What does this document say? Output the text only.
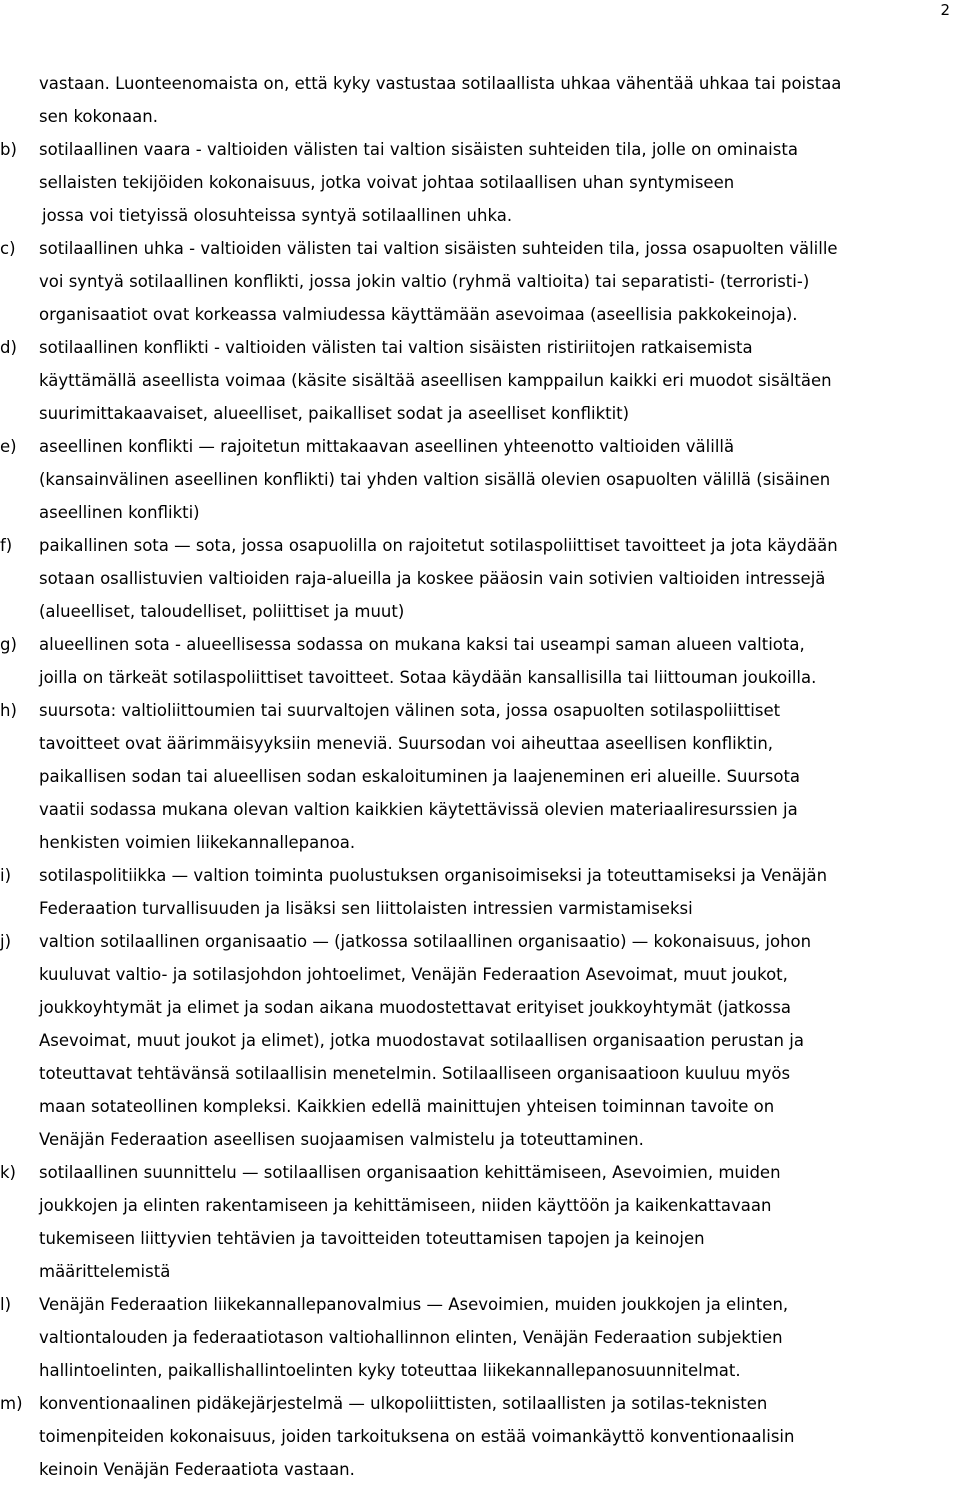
2
vastaan. Luonteenomaista on, että kyky vastustaa sotilaallista uhkaa vähentää uhkaa tai poistaa
sen kokonaan.
b) sotilaallinen vaara - valtioiden välisten tai valtion sisäisten suhteiden tila, jolle on ominaista
sellaisten tekijöiden kokonaisuus, jotka voivat johtaa sotilaallisen uhan syntymiseen
jossa voi tietyissä olosuhteissa syntyä sotilaallinen uhka.
c) sotilaallinen uhka - valtioiden välisten tai valtion sisäisten suhteiden tila, jossa osapuolten välille
voi syntyä sotilaallinen konflikti, jossa jokin valtio (ryhmä valtioita) tai separatisti- (terroristi-)
organisaatiot ovat korkeassa valmiudessa käyttämään asevoimaa (aseellisia pakkokeinoja).
d) sotilaallinen konflikti - valtioiden välisten tai valtion sisäisten ristiriitojen ratkaisemista
käyttämällä aseellista voimaa (käsite sisältää aseellisen kamppailun kaikki eri muodot sisältäen
suurimittakaavaiset, alueelliset, paikalliset sodat ja aseelliset konfliktit)
e) aseellinen konflikti — rajoitetun mittakaavan aseellinen yhteenotto valtioiden välillä
(kansainvälinen aseellinen konflikti) tai yhden valtion sisällä olevien osapuolten välillä (sisäinen
aseellinen konflikti)
f) paikallinen sota — sota, jossa osapuolilla on rajoitetut sotilaspoliittiset tavoitteet ja jota käydään
sotaan osallistuvien valtioiden raja-alueilla ja koskee pääosin vain sotivien valtioiden intressejä
(alueelliset, taloudelliset, poliittiset ja muut)
g) alueellinen sota - alueellisessa sodassa on mukana kaksi tai useampi saman alueen valtiota,
joilla on tärkeät sotilaspoliittiset tavoitteet. Sotaa käydään kansallisilla tai liittouman joukoilla.
h) suursota: valtioliittoumien tai suurvaltojen välinen sota, jossa osapuolten sotilaspoliittiset
tavoitteet ovat äärimmäisyyksiin meneviä. Suursodan voi aiheuttaa aseellisen konfliktin,
paikallisen sodan tai alueellisen sodan eskaloituminen ja laajeneminen eri alueille. Suursota
vaatii sodassa mukana olevan valtion kaikkien käytettävissä olevien materiaaliresurssien ja
henkisten voimien liikekannallepanoa.
i) sotilaspolitiikka — valtion toiminta puolustuksen organisoimiseksi ja toteuttamiseksi ja Venäjän
Federaation turvallisuuden ja lisäksi sen liittolaisten intressien varmistamiseksi
j) valtion sotilaallinen organisaatio — (jatkossa sotilaallinen organisaatio) — kokonaisuus, johon
kuuluvat valtio- ja sotilasjohdon johtoelimet, Venäjän Federaation Asevoimat, muut joukot,
joukkoyhtymät ja elimet ja sodan aikana muodostettavat erityiset joukkoyhtymät (jatkossa
Asevoimat, muut joukot ja elimet), jotka muodostavat sotilaallisen organisaation perustan ja
toteuttavat tehtävänsä sotilaallisin menetelmin. Sotilaalliseen organisaatioon kuuluu myös
maan sotateollinen kompleksi. Kaikkien edellä mainittujen yhteisen toiminnan tavoite on
Venäjän Federaation aseellisen suojaamisen valmistelu ja toteuttaminen.
k) sotilaallinen suunnittelu — sotilaallisen organisaation kehittämiseen, Asevoimien, muiden
joukkojen ja elinten rakentamiseen ja kehittämiseen, niiden käyttöön ja kaikenkattavaan
tukemiseen liittyvien tehtävien ja tavoitteiden toteuttamisen tapojen ja keinojen
määrittelemistä
l) Venäjän Federaation liikekannallepanovalmius — Asevoimien, muiden joukkojen ja elinten,
valtiontalouden ja federaatiotason valtiohallinnon elinten, Venäjän Federaation subjektien
hallintoelinten, paikallishallintoelinten kyky toteuttaa liikekannallepanosuunnitelmat.
m) konventionaalinen pidäkejärjestelmä — ulkopoliittisten, sotilaallisten ja sotilas-teknisten
toimenpiteiden kokonaisuus, joiden tarkoituksena on estää voimankäyttö konventionaalisin
keinoin Venäjän Federaatiota vastaan.
